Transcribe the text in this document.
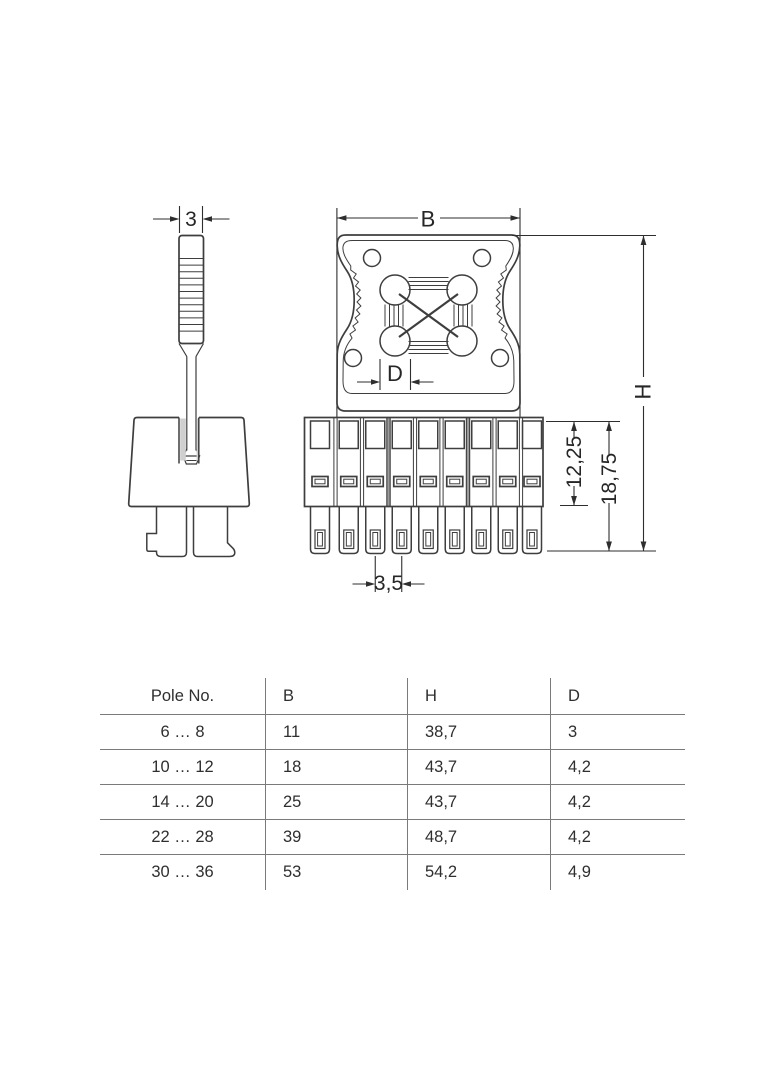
3	B
D
H
12,25 18,75
3,5
Pole No.	B	H	D
6 … 8	11	38,7	3
10 … 12	18	43,7	4,2
14 … 20	25	43,7	4,2
22 … 28	39	48,7	4,2
30 … 36	53	54,2	4,9
